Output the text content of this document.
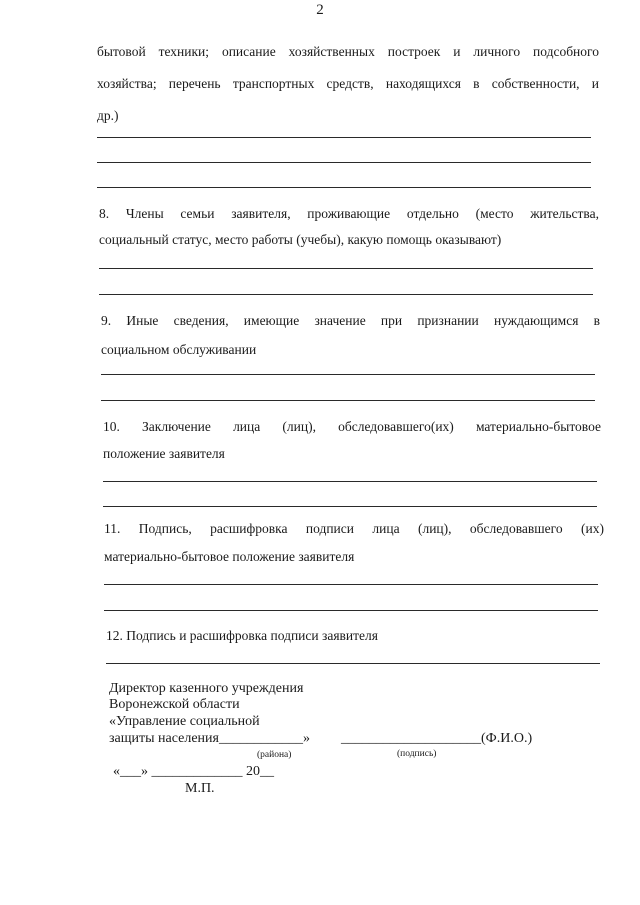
2
бытовой техники; описание хозяйственных построек и личного подсобного
хозяйства; перечень транспортных средств, находящихся в собственности, и
др.)
8. Члены семьи заявителя, проживающие отдельно (место жительства,
социальный статус, место работы (учебы), какую помощь оказывают)
9. Иные сведения, имеющие значение при признании нуждающимся в
социальном обслуживании
10. Заключение лица (лиц), обследовавшего(их) материально-бытовое
положение заявителя
11. Подпись, расшифровка подписи лица (лиц), обследовавшего (их)
материально-бытовое положение заявителя
12. Подпись и расшифровка подписи заявителя
Директор казенного учреждения
Воронежской области
«Управление социальной
защиты населения____________» ____________________(Ф.И.О.)
(района)	(подпись)
«___» _____________ 20__
М.П.
